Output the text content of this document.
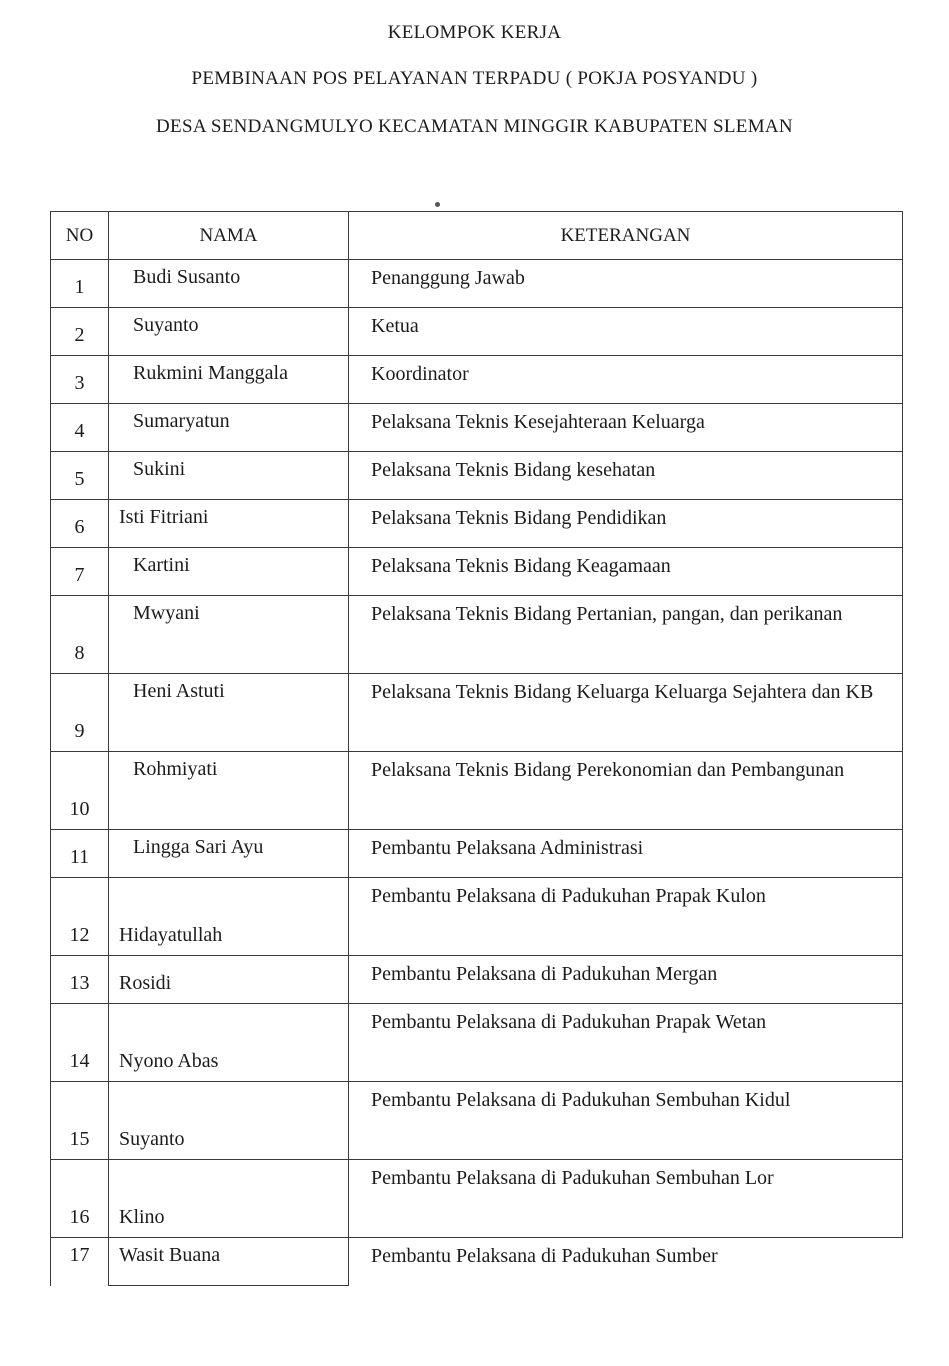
KELOMPOK KERJA
PEMBINAAN POS PELAYANAN TERPADU ( POKJA POSYANDU )
DESA SENDANGMULYO KECAMATAN MINGGIR KABUPATEN SLEMAN
NO	NAMA	KETERANGAN
1	Budi Susanto	Penanggung Jawab
2	Suyanto	Ketua
3	Rukmini Manggala	Koordinator
4	Sumaryatun	Pelaksana Teknis Kesejahteraan Keluarga
5	Sukini	Pelaksana Teknis Bidang kesehatan
6	Isti Fitriani	Pelaksana Teknis Bidang Pendidikan
7	Kartini	Pelaksana Teknis Bidang Keagamaan
8	Mwyani	Pelaksana Teknis Bidang Pertanian, pangan, dan perikanan
9	Heni Astuti	Pelaksana Teknis Bidang Keluarga Keluarga Sejahtera dan KB
10	Rohmiyati	Pelaksana Teknis Bidang Perekonomian dan Pembangunan
11	Lingga Sari Ayu	Pembantu Pelaksana Administrasi
12	Hidayatullah	Pembantu Pelaksana di Padukuhan Prapak Kulon
13	Rosidi	Pembantu Pelaksana di Padukuhan Mergan
14	Nyono Abas	Pembantu Pelaksana di Padukuhan Prapak Wetan
15	Suyanto	Pembantu Pelaksana di Padukuhan Sembuhan Kidul
16	Klino	Pembantu Pelaksana di Padukuhan Sembuhan Lor
17	Wasit Buana	Pembantu Pelaksana di Padukuhan Sumber
